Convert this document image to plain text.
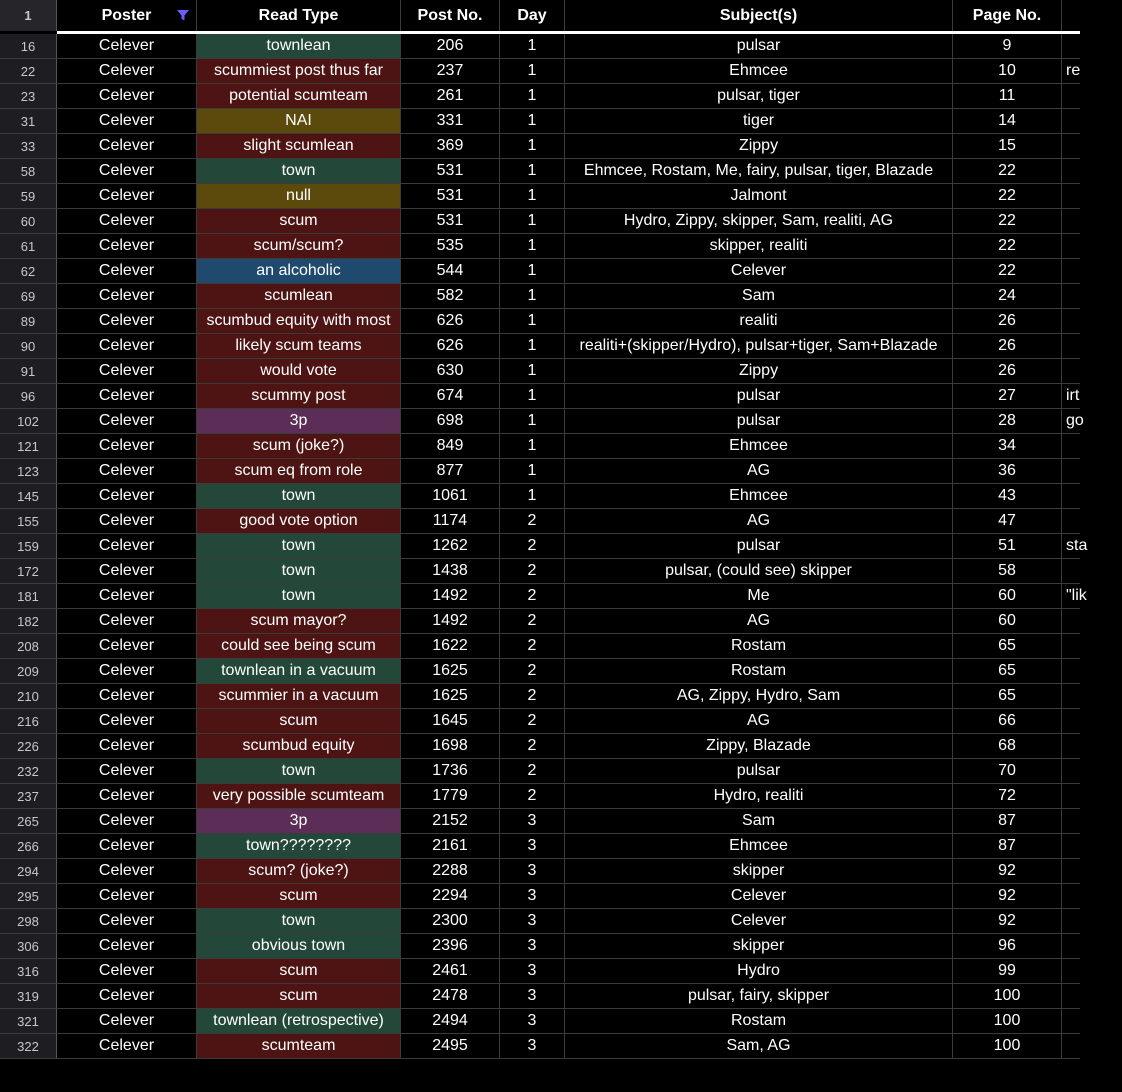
1	Poster	Read Type	Post No.	Day	Subject(s)	Page No.
16	Celever	townlean	206	1	pulsar	9
22	Celever	scummiest post thus far	237	1	Ehmcee	10	re
23	Celever	potential scumteam	261	1	pulsar, tiger	11
31	Celever	NAI	331	1	tiger	14
33	Celever	slight scumlean	369	1	Zippy	15
58	Celever	town	531	1	Ehmcee, Rostam, Me, fairy, pulsar, tiger, Blazade	22
59	Celever	null	531	1	Jalmont	22
60	Celever	scum	531	1	Hydro, Zippy, skipper, Sam, realiti, AG	22
61	Celever	scum/scum?	535	1	skipper, realiti	22
62	Celever	an alcoholic	544	1	Celever	22
69	Celever	scumlean	582	1	Sam	24
89	Celever	scumbud equity with most	626	1	realiti	26
90	Celever	likely scum teams	626	1	realiti+(skipper/Hydro), pulsar+tiger, Sam+Blazade	26
91	Celever	would vote	630	1	Zippy	26
96	Celever	scummy post	674	1	pulsar	27	irt
102	Celever	3p	698	1	pulsar	28	go
121	Celever	scum (joke?)	849	1	Ehmcee	34
123	Celever	scum eq from role	877	1	AG	36
145	Celever	town	1061	1	Ehmcee	43
155	Celever	good vote option	1174	2	AG	47
159	Celever	town	1262	2	pulsar	51	sta
172	Celever	town	1438	2	pulsar, (could see) skipper	58
181	Celever	town	1492	2	Me	60	"lik
182	Celever	scum mayor?	1492	2	AG	60
208	Celever	could see being scum	1622	2	Rostam	65
209	Celever	townlean in a vacuum	1625	2	Rostam	65
210	Celever	scummier in a vacuum	1625	2	AG, Zippy, Hydro, Sam	65
216	Celever	scum	1645	2	AG	66
226	Celever	scumbud equity	1698	2	Zippy, Blazade	68
232	Celever	town	1736	2	pulsar	70
237	Celever	very possible scumteam	1779	2	Hydro, realiti	72
265	Celever	3p	2152	3	Sam	87
266	Celever	town????????	2161	3	Ehmcee	87
294	Celever	scum? (joke?)	2288	3	skipper	92
295	Celever	scum	2294	3	Celever	92
298	Celever	town	2300	3	Celever	92
306	Celever	obvious town	2396	3	skipper	96
316	Celever	scum	2461	3	Hydro	99
319	Celever	scum	2478	3	pulsar, fairy, skipper	100
321	Celever	townlean (retrospective)	2494	3	Rostam	100
322	Celever	scumteam	2495	3	Sam, AG	100
